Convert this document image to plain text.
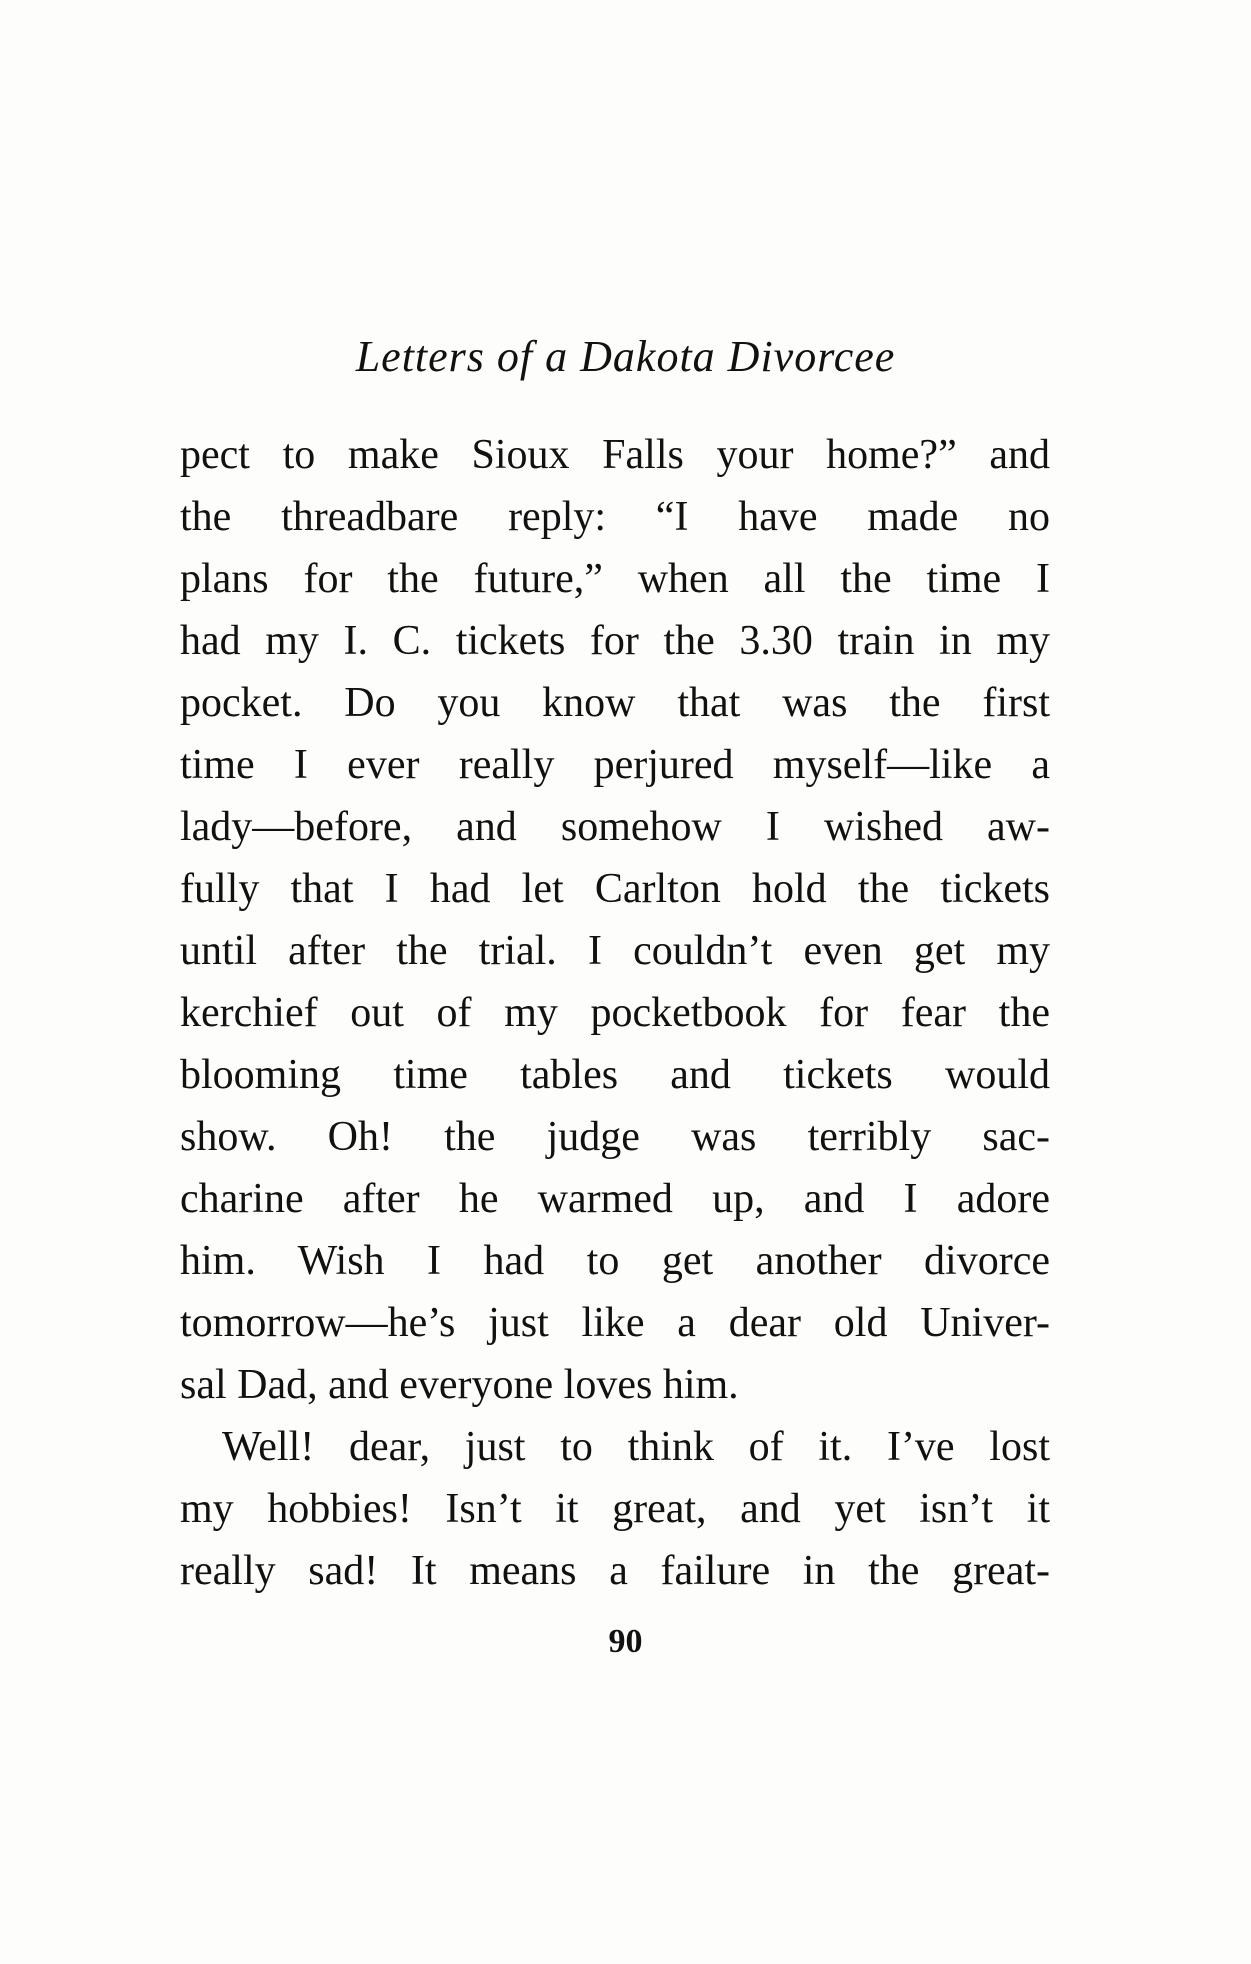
Letters of a Dakota Divorcee
pect to make Sioux Falls your home?” and
the threadbare reply: “I have made no
plans for the future,” when all the time I
had my I. C. tickets for the 3.30 train in my
pocket. Do you know that was the first
time I ever really perjured myself—like a
lady—before, and somehow I wished aw-
fully that I had let Carlton hold the tickets
until after the trial. I couldn’t even get my
kerchief out of my pocketbook for fear the
blooming time tables and tickets would
show. Oh! the judge was terribly sac-
charine after he warmed up, and I adore
him. Wish I had to get another divorce
tomorrow—he’s just like a dear old Univer-
sal Dad, and everyone loves him.
Well! dear, just to think of it. I’ve lost
my hobbies! Isn’t it great, and yet isn’t it
really sad! It means a failure in the great-
90
